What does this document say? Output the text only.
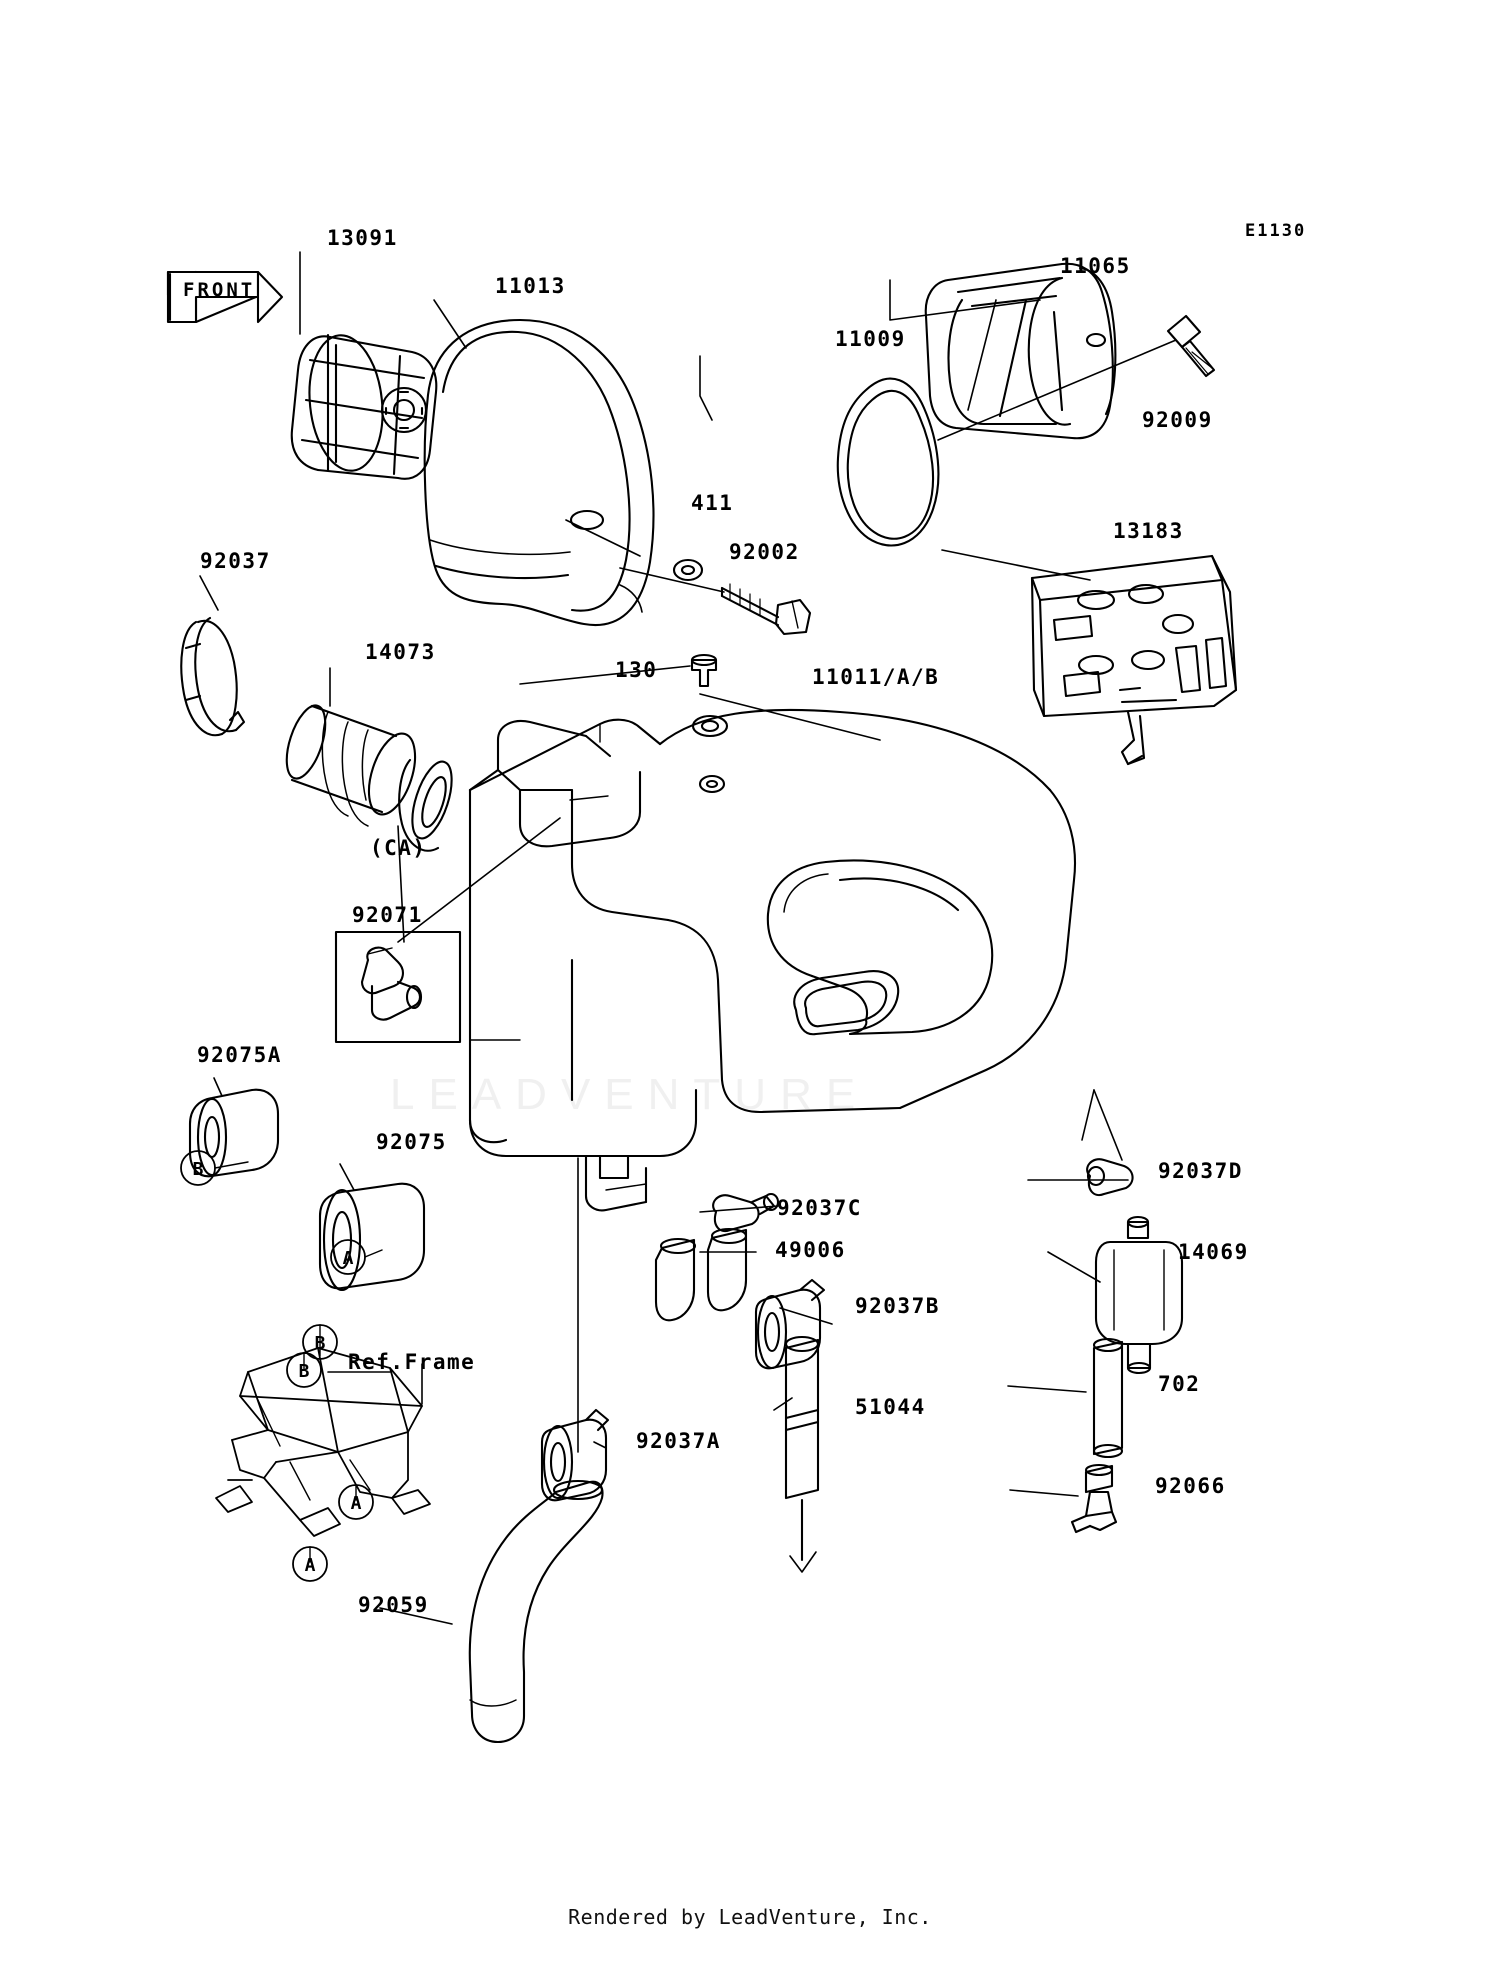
LEADVENTURE
B
A
B
B
A
A
E1130
13091
11013
11009
11065
92009
411
92002
13183
92037
14073
130	11011/A/B
(CA)
92071
92075A
92075
92037D
92037C
49006	14069
92037B
Ref.Frame
702
51044
92037A
92066
92059
FRONT
Rendered by LeadVenture, Inc.
